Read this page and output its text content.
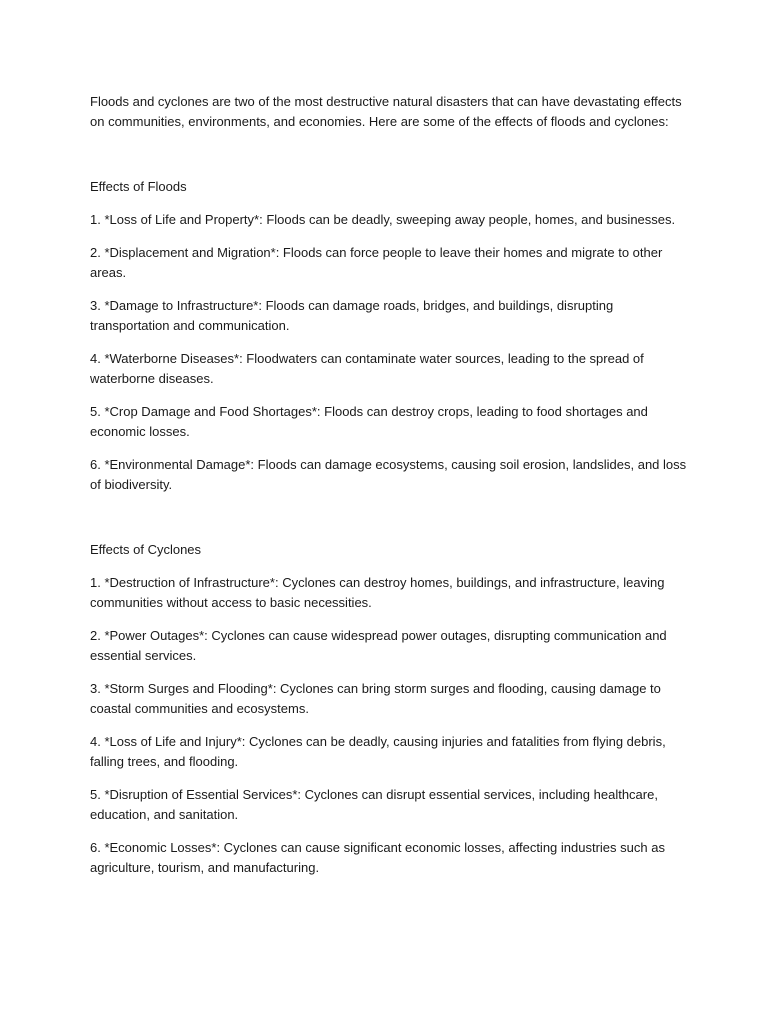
Floods and cyclones are two of the most destructive natural disasters that can have devastating effects on communities, environments, and economies. Here are some of the effects of floods and cyclones:

Effects of Floods

1. *Loss of Life and Property*: Floods can be deadly, sweeping away people, homes, and businesses.
2. *Displacement and Migration*: Floods can force people to leave their homes and migrate to other areas.
3. *Damage to Infrastructure*: Floods can damage roads, bridges, and buildings, disrupting transportation and communication.
4. *Waterborne Diseases*: Floodwaters can contaminate water sources, leading to the spread of waterborne diseases.
5. *Crop Damage and Food Shortages*: Floods can destroy crops, leading to food shortages and economic losses.
6. *Environmental Damage*: Floods can damage ecosystems, causing soil erosion, landslides, and loss of biodiversity.

Effects of Cyclones

1. *Destruction of Infrastructure*: Cyclones can destroy homes, buildings, and infrastructure, leaving communities without access to basic necessities.
2. *Power Outages*: Cyclones can cause widespread power outages, disrupting communication and essential services.
3. *Storm Surges and Flooding*: Cyclones can bring storm surges and flooding, causing damage to coastal communities and ecosystems.
4. *Loss of Life and Injury*: Cyclones can be deadly, causing injuries and fatalities from flying debris, falling trees, and flooding.
5. *Disruption of Essential Services*: Cyclones can disrupt essential services, including healthcare, education, and sanitation.
6. *Economic Losses*: Cyclones can cause significant economic losses, affecting industries such as agriculture, tourism, and manufacturing.
